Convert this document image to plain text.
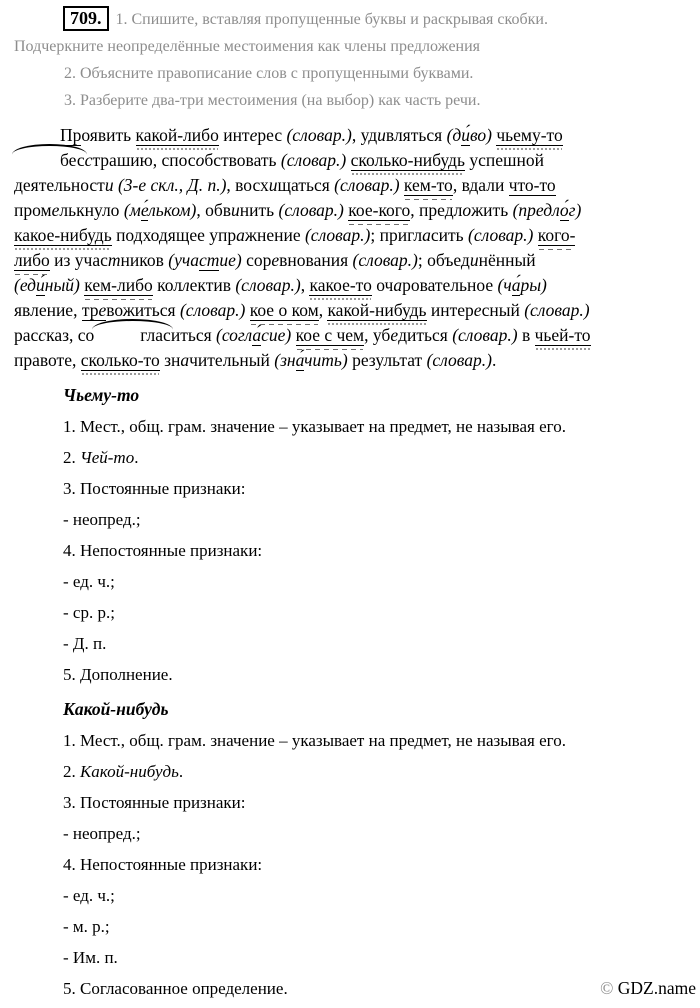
709. 1. Спишите, вставляя пропущенные буквы и раскрывая скобки.
Подчеркните неопределённые местоимения как члены предложения

2. Объясните правописание слов с пропущенными буквами.

3. Разберите два-три местоимения (на выбор) как часть речи.

Проявить какой-либо интерес (словар.), удивляться (ди́во) чьему-то
бесстрашию, способствовать (словар.) сколько-нибудь успешной
деятельности (3-е скл., Д. п.), восхищаться (словар.) кем-то, вдали что-то
промелькнуло (ме́льком), обвинить (словар.) кое-кого, предложить (предло́г)
какое-нибудь подходящее упражнение (словар.); пригласить (словар.) кого-
либо из участников (участие) соревнования (словар.); объединённый
(еди́ный) кем-либо коллектив (словар.), какое-то очаровательное (ча́ры)
явление, тревожиться (словар.) кое о ком, какой-нибудь интересный (словар.)
рассказ, со	гласиться (согла́сие) кое с чем, убедиться (словар.) в чьей-то
правоте, сколько-то значительный (зна́чить) результат (словар.).

Чьему-то

1. Мест., общ. грам. значение – указывает на предмет, не называя его.

2. Чей-то.

3. Постоянные признаки:

- неопред.;

4. Непостоянные признаки:

- ед. ч.;

- ср. р.;

- Д. п.

5. Дополнение.

Какой-нибудь

1. Мест., общ. грам. значение – указывает на предмет, не называя его.

2. Какой-нибудь.

3. Постоянные признаки:

- неопред.;

4. Непостоянные признаки:

- ед. ч.;

- м. р.;

- Им. п.

5. Согласованное определение.	© GDZ.name
